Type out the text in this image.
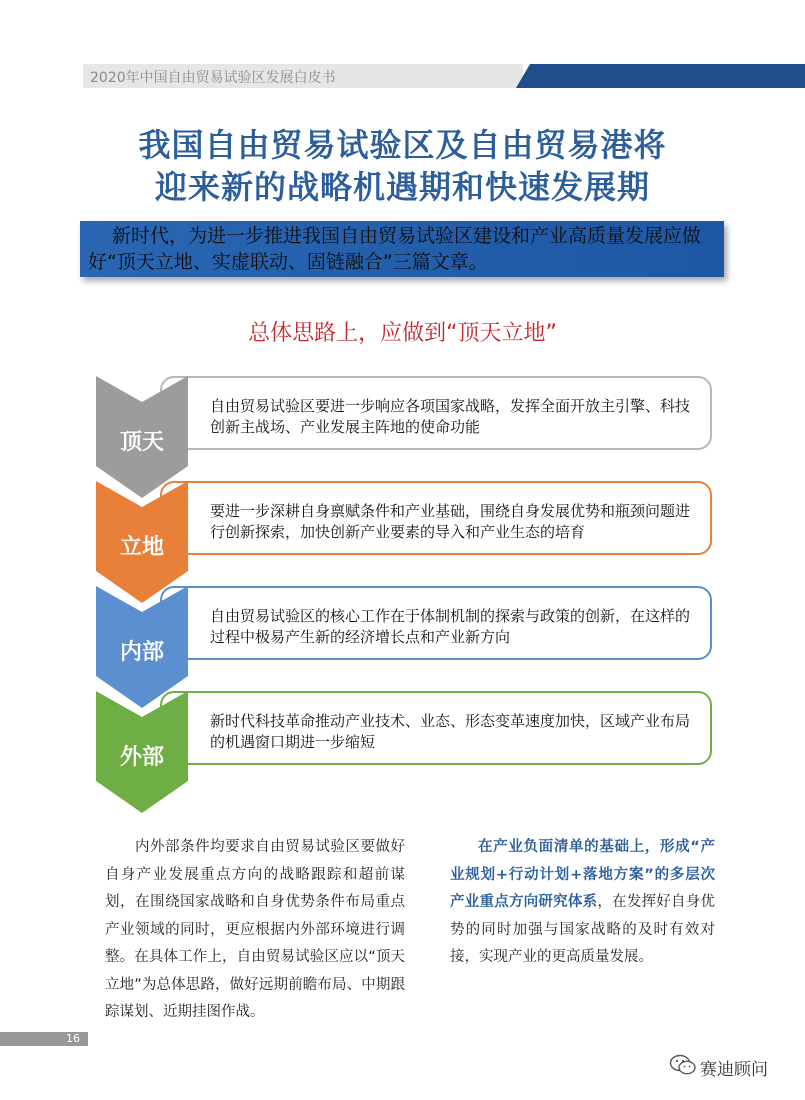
2020年中国自由贸易试验区发展白皮书
我国自由贸易试验区及自由贸易港将
迎来新的战略机遇期和快速发展期
新时代，为进一步推进我国自由贸易试验区建设和产业高质量发展应做好“顶天立地、实虚联动、固链融合”三篇文章。
总体思路上，应做到“顶天立地”
自由贸易试验区要进一步响应各项国家战略，发挥全面开放主引擎、科技创新主战场、产业发展主阵地的使命功能
顶天
要进一步深耕自身禀赋条件和产业基础，围绕自身发展优势和瓶颈问题进行创新探索，加快创新产业要素的导入和产业生态的培育
立地
自由贸易试验区的核心工作在于体制机制的探索与政策的创新，在这样的过程中极易产生新的经济增长点和产业新方向
内部
新时代科技革命推动产业技术、业态、形态变革速度加快，区域产业布局的机遇窗口期进一步缩短
外部
内外部条件均要求自由贸易试验区要做好自身产业发展重点方向的战略跟踪和超前谋划，在围绕国家战略和自身优势条件布局重点产业领域的同时，更应根据内外部环境进行调整。在具体工作上，自由贸易试验区应以“顶天立地”为总体思路，做好远期前瞻布局、中期跟踪谋划、近期挂图作战。
在产业负面清单的基础上，形成“产业规划+行动计划+落地方案”的多层次产业重点方向研究体系，在发挥好自身优势的同时加强与国家战略的及时有效对接，实现产业的更高质量发展。
16
赛迪顾问
